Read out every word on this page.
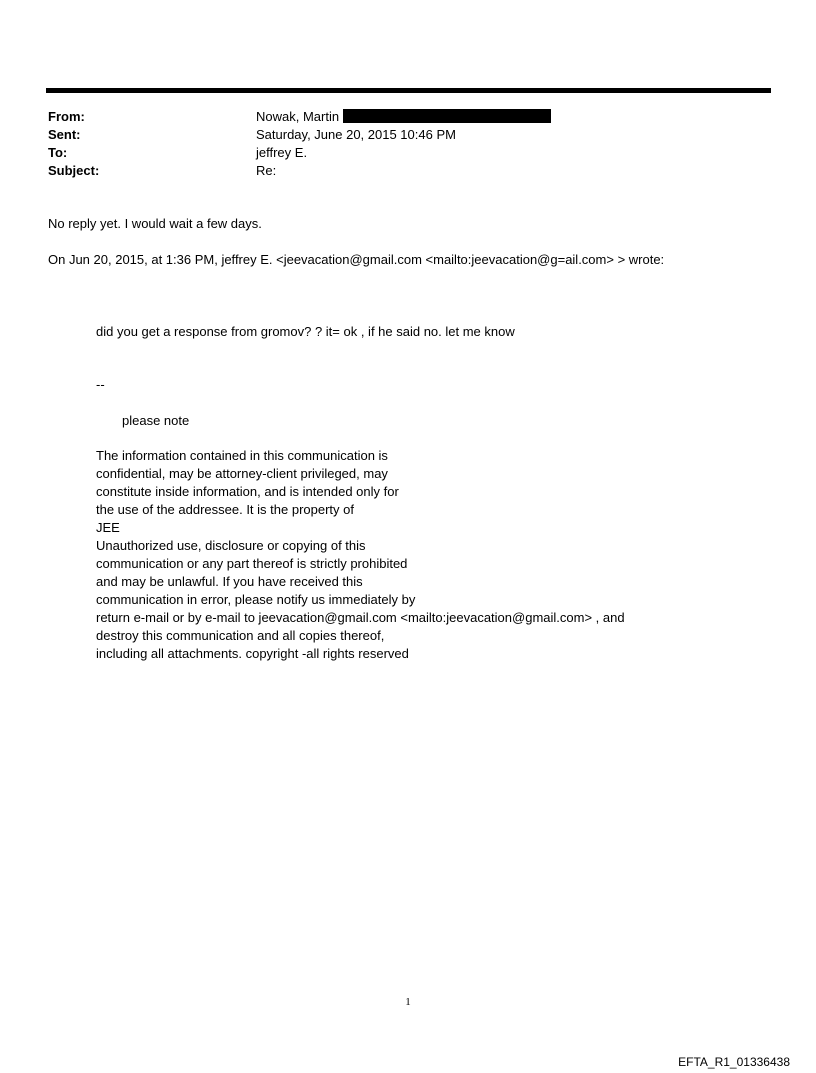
From:	Nowak, Martin
Sent:	Saturday, June 20, 2015 10:46 PM
To:	jeffrey E.
Subject:	Re:
No reply yet. I would wait a few days.
On Jun 20, 2015, at 1:36 PM, jeffrey E. <jeevacation@gmail.com <mailto:jeevacation@g=ail.com> > wrote:
did you get a response from gromov? ? it= ok , if he said no. let me know
--
please note
The information contained in this communication is
confidential, may be attorney-client privileged, may
constitute inside information, and is intended only for
the use of the addressee. It is the property of
JEE
Unauthorized use, disclosure or copying of this
communication or any part thereof is strictly prohibited
and may be unlawful. If you have received this
communication in error, please notify us immediately by
return e-mail or by e-mail to jeevacation@gmail.com <mailto:jeevacation@gmail.com> , and
destroy this communication and all copies thereof,
including all attachments. copyright -all rights reserved
1
EFTA_R1_01336438
